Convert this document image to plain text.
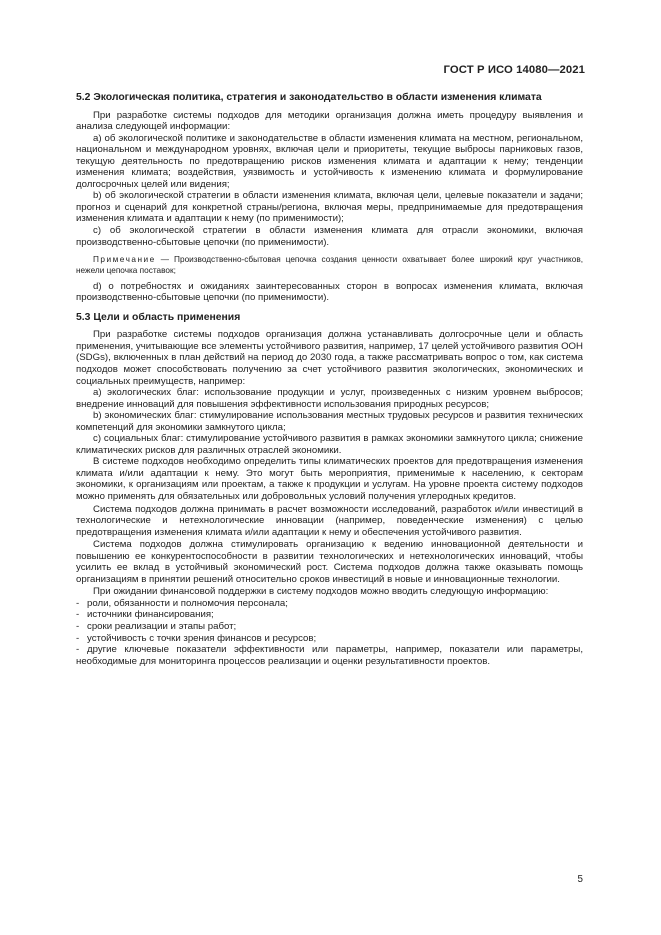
ГОСТ Р ИСО 14080—2021

5.2 Экологическая политика, стратегия и законодательство в области изменения климата

При разработке системы подходов для методики организация должна иметь процедуру выявления и анализа следующей информации:

a) об экологической политике и законодательстве в области изменения климата на местном, региональном, национальном и международном уровнях, включая цели и приоритеты, текущие выбросы парниковых газов, текущую деятельность по предотвращению рисков изменения климата и адаптации к нему; тенденции изменения климата; воздействия, уязвимость и устойчивость к изменению климата и формулирование долгосрочных целей или видения;

b) об экологической стратегии в области изменения климата, включая цели, целевые показатели и задачи; прогноз и сценарий для конкретной страны/региона, включая меры, предпринимаемые для предотвращения изменения климата и адаптации к нему (по применимости);

c) об экологической стратегии в области изменения климата для отрасли экономики, включая производственно-сбытовые цепочки (по применимости).

Примечание — Производственно-сбытовая цепочка создания ценности охватывает более широкий круг участников, нежели цепочка поставок;

d) о потребностях и ожиданиях заинтересованных сторон в вопросах изменения климата, включая производственно-сбытовые цепочки (по применимости).

5.3 Цели и область применения

При разработке системы подходов организация должна устанавливать долгосрочные цели и область применения, учитывающие все элементы устойчивого развития, например, 17 целей устойчивого развития ООН (SDGs), включенных в план действий на период до 2030 года, а также рассматривать вопрос о том, как система подходов может способствовать получению за счет устойчивого развития экологических, экономических и социальных преимуществ, например:

a) экологических благ: использование продукции и услуг, произведенных с низким уровнем выбросов; внедрение инноваций для повышения эффективности использования природных ресурсов;

b) экономических благ: стимулирование использования местных трудовых ресурсов и развития технических компетенций для экономики замкнутого цикла;

c) социальных благ: стимулирование устойчивого развития в рамках экономики замкнутого цикла; снижение климатических рисков для различных отраслей экономики.

В системе подходов необходимо определить типы климатических проектов для предотвращения изменения климата и/или адаптации к нему. Это могут быть мероприятия, применимые к населению, к секторам экономики, к организациям или проектам, а также к продукции и услугам. На уровне проекта систему подходов можно применять для обязательных или добровольных условий получения углеродных кредитов.

Система подходов должна принимать в расчет возможности исследований, разработок и/или инвестиций в технологические и нетехнологические инновации (например, поведенческие изменения) с целью предотвращения изменения климата и/или адаптации к нему и обеспечения устойчивого развития.

Система подходов должна стимулировать организацию к ведению инновационной деятельности и повышению ее конкурентоспособности в развитии технологических и нетехнологических инноваций, чтобы усилить ее вклад в устойчивый экономический рост. Система подходов должна также оказывать помощь организациям в принятии решений относительно сроков инвестиций в новые и инновационные технологии.

При ожидании финансовой поддержки в систему подходов можно вводить следующую информацию:

- роли, обязанности и полномочия персонала;

- источники финансирования;

- сроки реализации и этапы работ;

- устойчивость с точки зрения финансов и ресурсов;

- другие ключевые показатели эффективности или параметры, например, показатели или параметры, необходимые для мониторинга процессов реализации и оценки результативности проектов.

5
